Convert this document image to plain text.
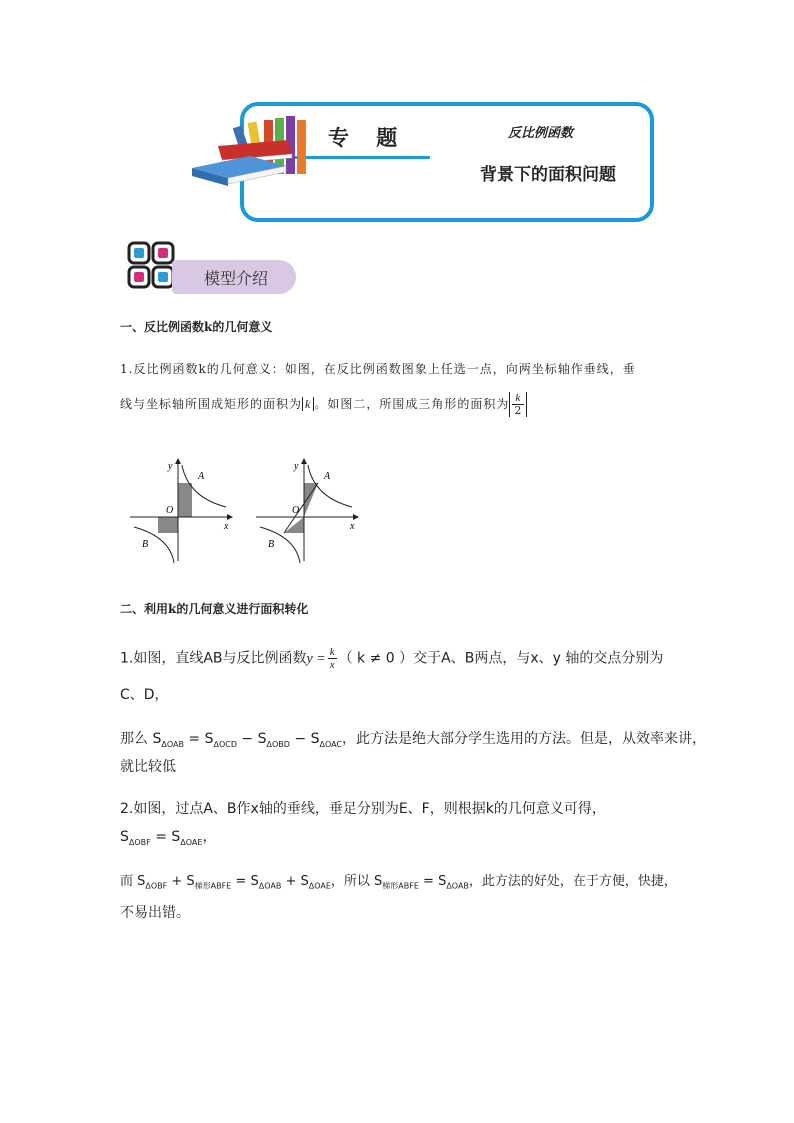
专 题	反比例函数
背景下的面积问题
模型介绍
一、反比例函数k的几何意义
1.反比例函数k的几何意义：如图，在反比例函数图象上任选一点，向两坐标轴作垂线，垂
线与坐标轴所围成矩形的面积为 k 。如图二，所围成三角形的面积为 $\frac{k}{2}$
y
x
O
A
B
y
x
O
A
B
二、利用k的几何意义进行面积转化
1.如图，直线AB与反比例函数$y = \frac{k}{x}$ （ k ≠ 0 ）交于A、B两点，与x、y 轴的交点分别为
C、D，
那么 $S_{\Delta OAB} = S_{\Delta OCD} - S_{\Delta OBD} - S_{\Delta OAC}$，此方法是绝大部分学生选用的方法。但是，从效率来讲，
就比较低
2.如图，过点A、B作x轴的垂线，垂足分别为E、F，则根据k的几何意义可得，
$S_{\Delta OBF} = S_{\Delta OAE}$，
而 $S_{\Delta OBF} + S_{梯形ABFE} = S_{\Delta OAB} + S_{\Delta OAE}$，所以 $S_{梯形ABFE} = S_{\Delta OAB}$，此方法的好处，在于方便，快捷，
不易出错。
